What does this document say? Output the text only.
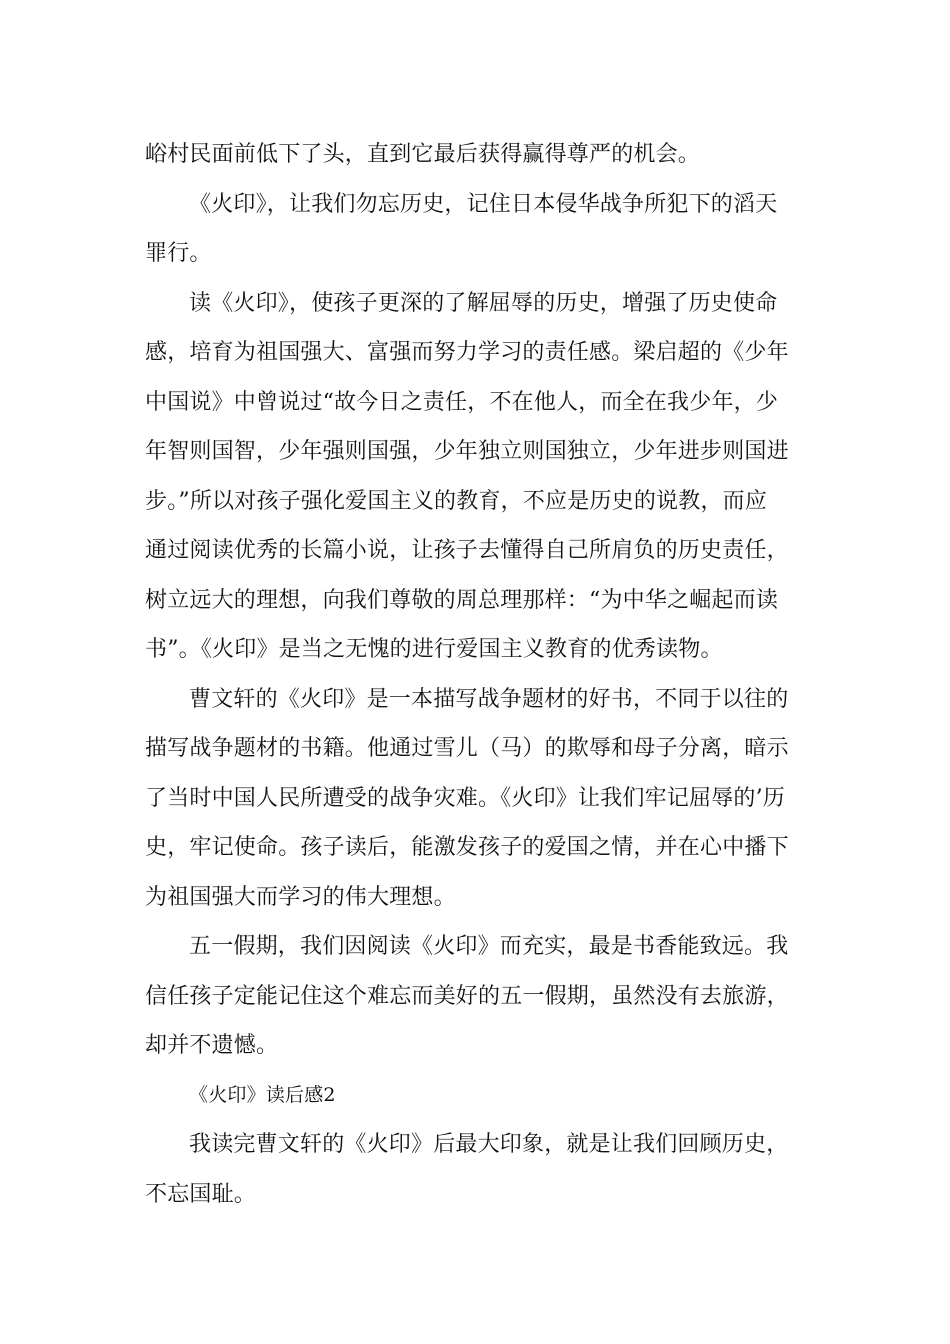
峪村民面前低下了头，直到它最后获得赢得尊严的机会。
《火印》，让我们勿忘历史，记住日本侵华战争所犯下的滔天
罪行。
读《火印》，使孩子更深的了解屈辱的历史，增强了历史使命
感，培育为祖国强大、富强而努力学习的责任感。梁启超的《少年
中国说》中曾说过“故今日之责任，不在他人，而全在我少年，少
年智则国智，少年强则国强，少年独立则国独立，少年进步则国进
步。”所以对孩子强化爱国主义的教育，不应是历史的说教，而应
通过阅读优秀的长篇小说，让孩子去懂得自己所肩负的历史责任，
树立远大的理想，向我们尊敬的周总理那样：“为中华之崛起而读
书”。《火印》是当之无愧的进行爱国主义教育的优秀读物。
曹文轩的《火印》是一本描写战争题材的好书，不同于以往的
描写战争题材的书籍。他通过雪儿（马）的欺辱和母子分离，暗示
了当时中国人民所遭受的战争灾难。《火印》让我们牢记屈辱的’历
史，牢记使命。孩子读后，能激发孩子的爱国之情，并在心中播下
为祖国强大而学习的伟大理想。
五一假期，我们因阅读《火印》而充实，最是书香能致远。我
信任孩子定能记住这个难忘而美好的五一假期，虽然没有去旅游，
却并不遗憾。
《火印》读后感2
我读完曹文轩的《火印》后最大印象，就是让我们回顾历史，
不忘国耻。
